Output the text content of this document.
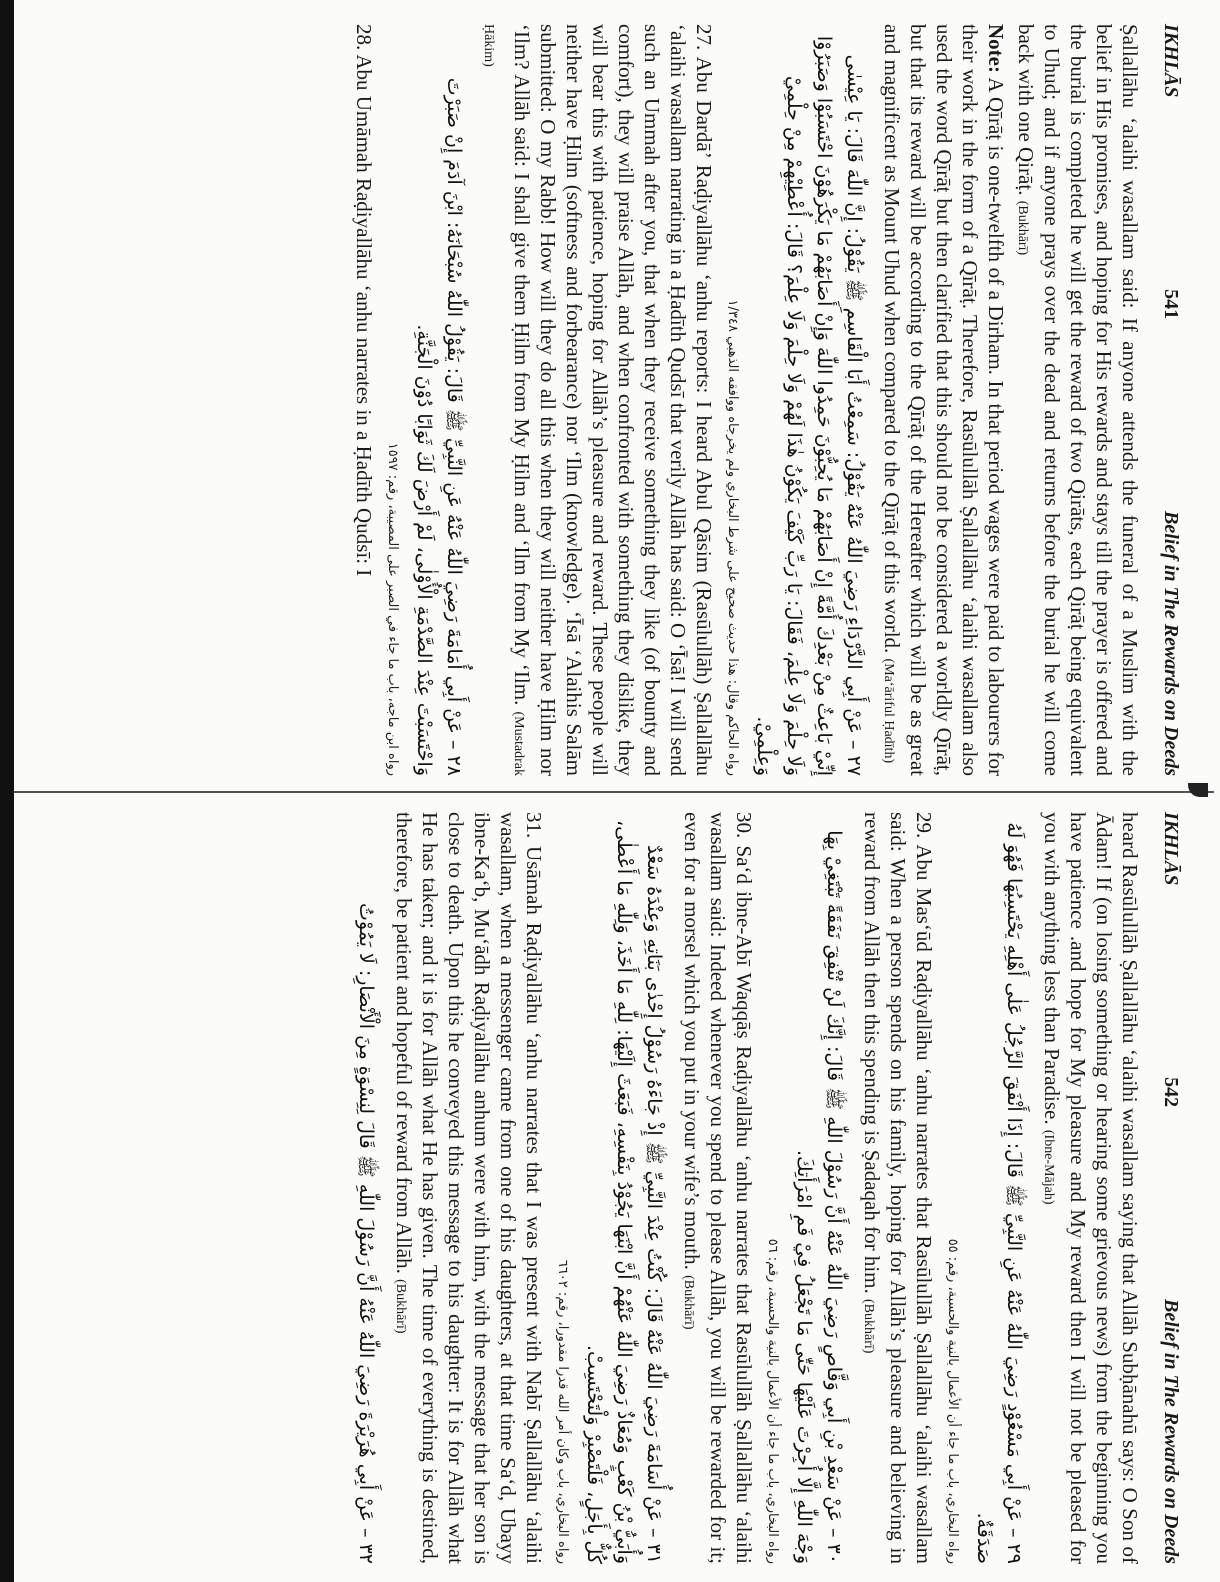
IKHLĀS
541
Belief in The Rewards on Deeds

Ṣallallāhu ‘alaihi wasallam said: If anyone attends the funeral of a Muslim with the belief in His promises, and hoping for His rewards and stays till the prayer is offered and the burial is completed he will get the reward of two Qirāts, each Qirāṭ being equivalent to Uhud; and if anyone prays over the dead and returns before the burial he will come back with one Qirāṭ. (Bukhārī)

Note: A Qīrāṭ is one-twelfth of a Dirham. In that period wages were paid to labourers for their work in the form of a Qīrāṭ. Therefore, Rasūlullāh Ṣallallāhu ‘alaihi wasallam also used the word Qīrāṭ but then clarified that this should not be considered a worldly Qīrāṭ, but that its reward will be according to the Qīrāṭ of the Hereafter which will be as great and magnificent as Mount Uhud when compared to the Qīrāṭ of this world. (Ma‘āriful Ḥadīth)

٢٧ – عَنْ أَبِي الدَّرْدَاءِ رَضِيَ اللّٰهُ عَنْهُ يَقُوْلُ: سَمِعْتُ أَبَا الْقَاسِمِ ﷺ يَقُوْلُ: إِنَّ اللّٰهَ قَالَ: يَا عِيْسٰى إِنِّيْ بَاعِثٌ مِنْ بَعْدِكَ أُمَّةً إِنْ أَصَابَهُمْ مَا يُحِبُّوْنَ حَمِدُوا اللّٰهَ وَإِنْ أَصَابَهُمْ مَا يَكْرَهُوْنَ احْتَسَبُوْا وَصَبَرُوْا وَلَا حِلْمَ وَلَا عِلْمَ، فَقَالَ: يَا رَبِّ كَيْفَ يَكُوْنُ هٰذَا لَهُمْ وَلَا حِلْمَ وَلَا عِلْمَ؟ قَالَ: أُعْطِيْهِمْ مِنْ حِلْمِيْ وَعِلْمِيْ.
رواه الحاكم وقال: هذا حديث صحيح على شرط البخاري ولم يخرجاه ووافقه الذهبي ١/٣٤٨

27. Abu Dardā’ Raḍiyallāhu ‘anhu reports: I heard Abul Qāsim (Rasūlullāh) Ṣallallāhu ‘alaihi wasallam narrating in a Ḥadīth Qudsī that verily Allāh has said: O ‘Īsā! I will send such an Ummah after you, that when they receive something they like (of bounty and comfort), they will praise Allāh, and when confronted with something they dislike, they will bear this with patience, hoping for Allāh’s pleasure and reward. These people will neither have Ḥilm (softness and forbearance) nor ‘Ilm (knowledge). ‘Īsā ‘Alaihis Salām submitted: O my Rabb! How will they do all this when they will neither have Ḥilm nor ‘Ilm? Allāh said: I shall give them Ḥilm from My Ḥilm and ‘Ilm from My ‘Ilm. (Mustadrak Ḥākim)

٢٨ – عَنْ أَبِي أُمَامَةَ رَضِيَ اللّٰهُ عَنْهُ عَنِ النَّبِيِّ ﷺ قَالَ: يَقُوْلُ اللّٰهُ سُبْحَانَهُ: ابْنَ آدَمَ إِنْ صَبَرْتَ وَاحْتَسَبْتَ عِنْدَ الصَّدْمَةِ الْأُوْلٰى، لَمْ أَرْضَ لَكَ ثَوَابًا دُوْنَ الْجَنَّةِ.
رواه ابن ماجه، باب ما جاء في الصبر على المصيبة، رقم: ١٥٩٧

28. Abu Umāmah Raḍiyallāhu ‘anhu narrates in a Ḥadīth Qudsī: I

IKHLĀS
542
Belief in The Rewards on Deeds

heard Rasūlullāh Ṣallallāhu ‘alaihi wasallam saying that Allāh Subḥānahū says: O Son of Ādam! If (on losing something or hearing some grievous news) from the beginning you have patience .and hope for My pleasure and My reward then I will not be pleased for you with anything less than Paradise. (Ibne-Mājah)

٢٩ – عَنْ أَبِي مَسْعُوْدٍ رَضِيَ اللّٰهُ عَنْهُ عَنِ النَّبِيِّ ﷺ قَالَ: إِذَا أَنْفَقَ الرَّجُلُ عَلٰى أَهْلِهِ يَحْتَسِبُهَا فَهُوَ لَهُ صَدَقَةٌ.
رواه البخاري، باب ما جاء أن الأعمال بالنية والحسبة، رقم: ٥٥

29. Abu Mas‘ūd Raḍiyallāhu ‘anhu narrates that Rasūlullāh Ṣallallāhu ‘alaihi wasallam said: When a person spends on his family, hoping for Allāh’s pleasure and believing in reward from Allāh then this spending is Ṣadaqah for him. (Bukhārī)

٣٠ – عَنْ سَعْدِ بْنِ أَبِي وَقَّاصٍ رَضِيَ اللّٰهُ عَنْهُ أَنَّ رَسُوْلَ اللّٰهِ ﷺ قَالَ: إِنَّكَ لَنْ تُنْفِقَ نَفَقَةً تَبْتَغِيْ بِهَا وَجْهَ اللّٰهِ إِلَّا أُجِرْتَ عَلَيْهَا حَتّٰى مَا تَجْعَلُ فِيْ فَمِ امْرَأَتِكَ.
رواه البخاري، باب ما جاء أن الأعمال بالنية والحسبة، رقم: ٥٦

30. Sa‘d ibne-Abī Waqqāṣ Raḍiyallāhu ‘anhu narrates that Rasūlullāh Ṣallallāhu ‘alaihi wasallam said: Indeed whenever you spend to please Allāh, you will be rewarded for it; even for a morsel which you put in your wife’s mouth. (Bukhārī)

٣١ – عَنْ أُسَامَةَ رَضِيَ اللّٰهُ عَنْهُ قَالَ: كُنْتُ عِنْدَ النَّبِيِّ ﷺ إِذْ جَاءَهُ رَسُوْلُ إِحْدٰى بَنَاتِهِ وَعِنْدَهُ سَعْدٌ وَأُبَيُّ بْنُ كَعْبٍ وَمُعَاذٌ رَضِيَ اللّٰهُ عَنْهُمْ أَنَّ ابْنَهَا يَجُوْدُ بِنَفْسِهِ، فَبَعَثَ إِلَيْهَا: لِلّٰهِ مَا أَخَذَ، وَلِلّٰهِ مَا أَعْطٰى، كُلٌّ بِأَجَلٍ، فَلْتَصْبِرْ وَلْتَحْتَسِبْ.
رواه البخاري، باب وكان أمر الله قدرا مقدورا، رقم: ٦٦٠٢

31. Usāmah Raḍiyallāhu ‘anhu narrates that I was present with Nabī Ṣallallāhu ‘alaihi wasallam, when a messenger came from one of his daughters, at that time Sa‘d, Ubayy ibne-Ka‘b, Mu‘ādh Raḍiyallāhu anhum were with him, with the message that her son is close to death. Upon this he conveyed this message to his daughter: It is for Allāh what He has taken; and it is for Allāh what He has given. The time of everything is destined, therefore, be patient and hopeful of reward from Allāh. (Bukhārī)

٣٢ – عَنْ أَبِي هُرَيْرَةَ رَضِيَ اللّٰهُ عَنْهُ أَنَّ رَسُوْلَ اللّٰهِ ﷺ قَالَ لِنِسْوَةٍ مِنَ الْأَنْصَارِ: لَا يَمُوْتُ
